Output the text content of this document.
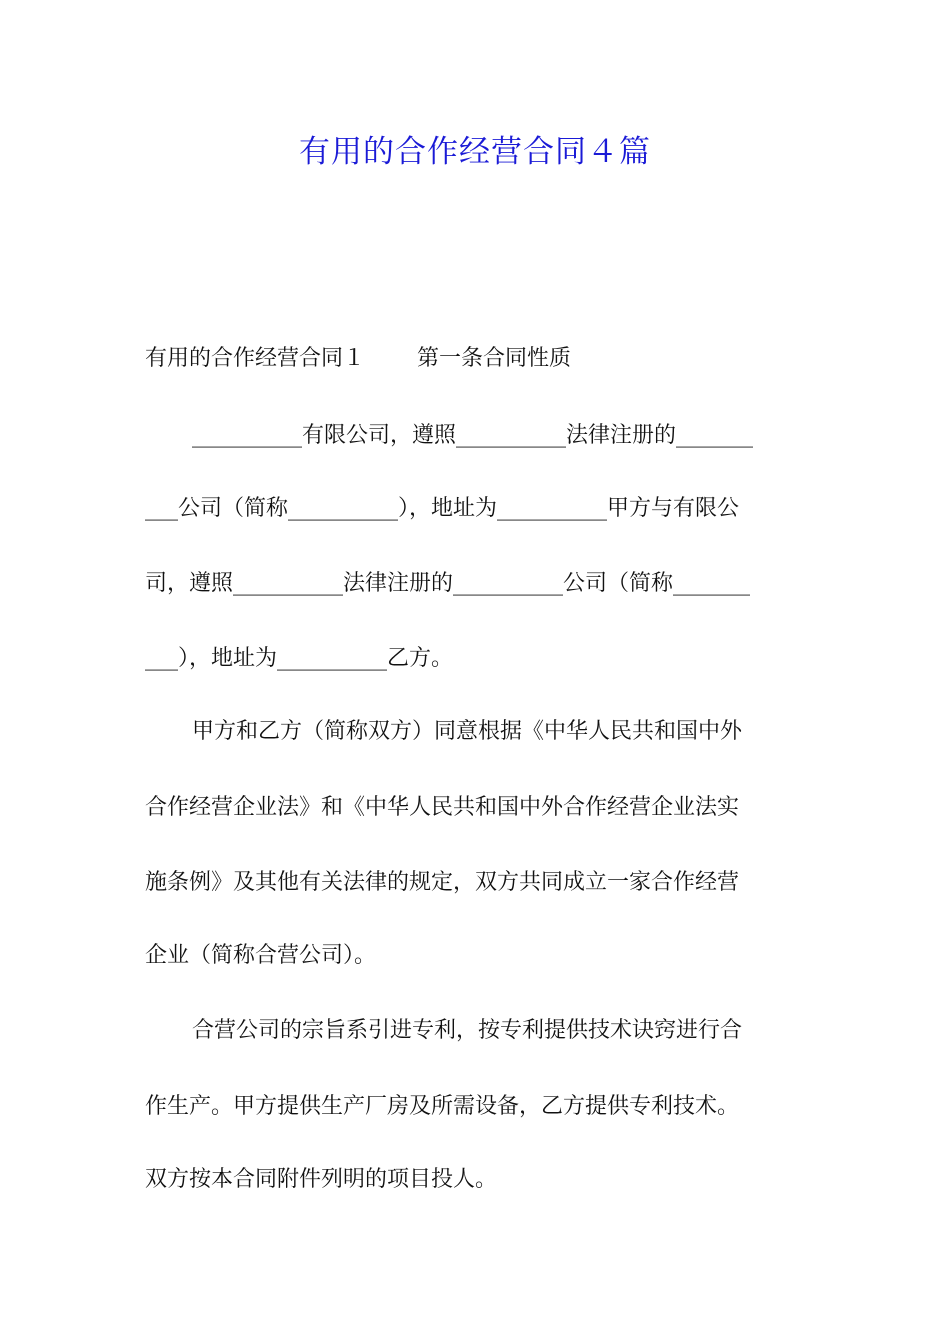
有用的合作经营合同４篇
有用的合作经营合同１ 第一条合同性质
__________有限公司，遵照__________法律注册的_______
___公司（简称__________），地址为__________甲方与有限公
司，遵照__________法律注册的__________公司（简称_______
___），地址为__________乙方。
甲方和乙方（简称双方）同意根据《中华人民共和国中外
合作经营企业法》和《中华人民共和国中外合作经营企业法实
施条例》及其他有关法律的规定，双方共同成立一家合作经营
企业（简称合营公司）。
合营公司的宗旨系引进专利，按专利提供技术诀窍进行合
作生产。甲方提供生产厂房及所需设备，乙方提供专利技术。
双方按本合同附件列明的项目投人。
